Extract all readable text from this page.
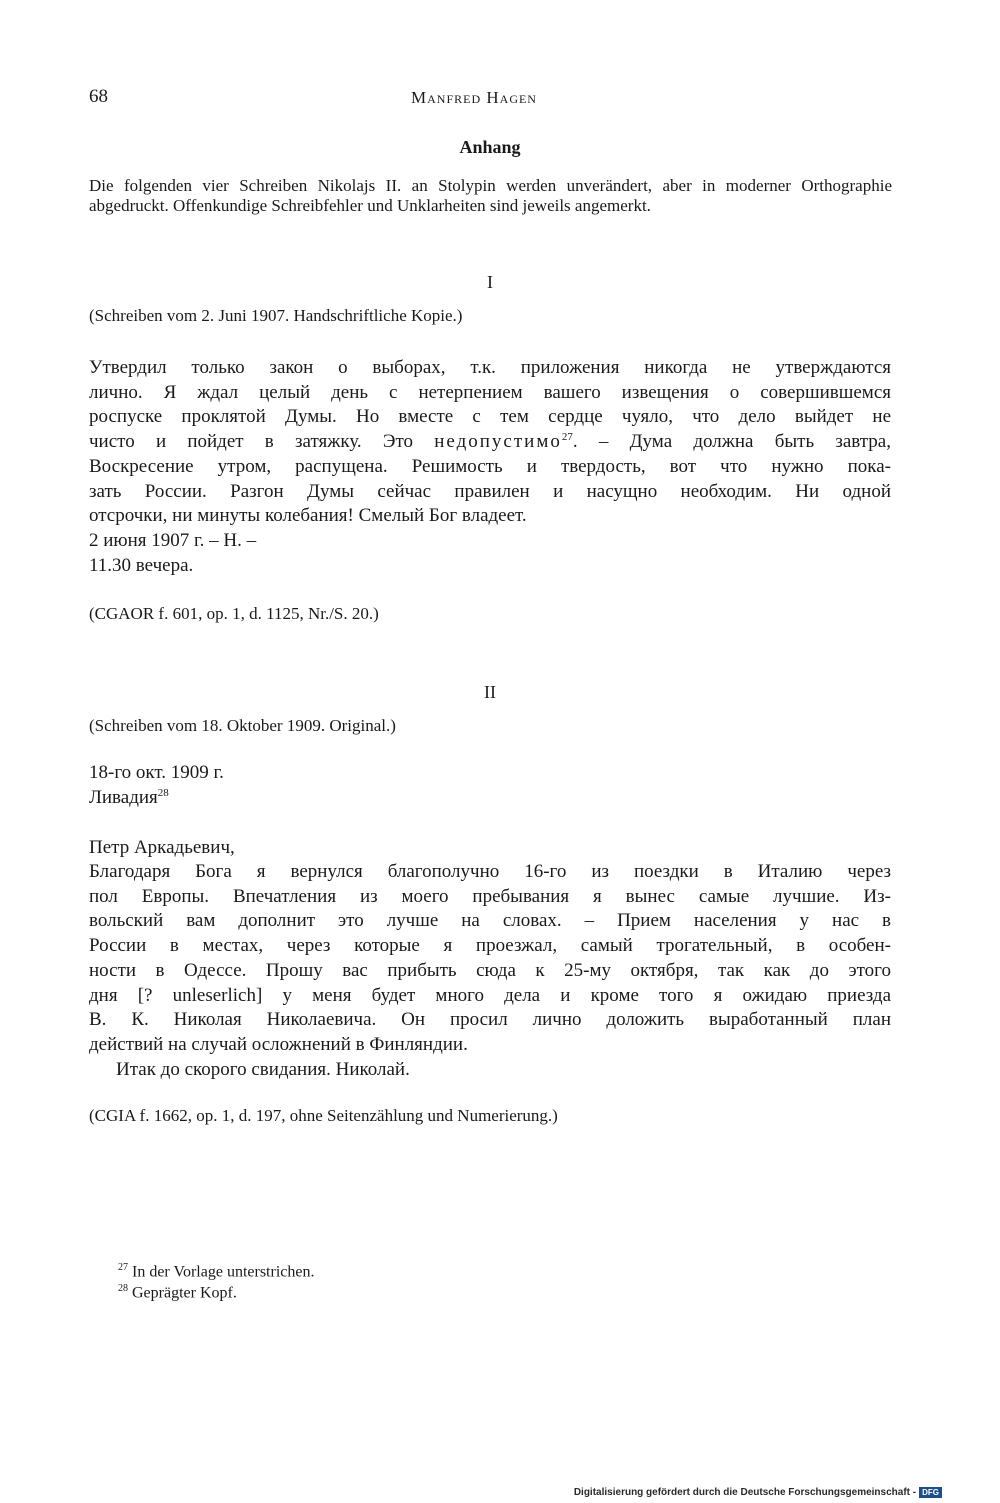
68	Manfred Hagen
Anhang
Die folgenden vier Schreiben Nikolajs II. an Stolypin werden unverändert, aber in moderner Orthographie abgedruckt. Offenkundige Schreibfehler und Unklarheiten sind jeweils angemerkt.
I
(Schreiben vom 2. Juni 1907. Handschriftliche Kopie.)
Утвердил только закон о выборах, т.к. приложения никогда не утверждаются
лично. Я ждал целый день с нетерпением вашего извещения о совершившемся
роспуске проклятой Думы. Но вместе с тем сердце чуяло, что дело выйдет не
чисто и пойдет в затяжку. Это недопустимо$^{27}$. – Дума должна быть завтра,
Воскресение утром, распущена. Решимость и твердость, вот что нужно пока-
зать России. Разгон Думы сейчас правилен и насущно необходим. Ни одной
отсрочки, ни минуты колебания! Смелый Бог владеет.
2 июня 1907 г. – Н. –
11.30 вечера.
(CGAOR f. 601, op. 1, d. 1125, Nr./S. 20.)
II
(Schreiben vom 18. Oktober 1909. Original.)
18-го окт. 1909 г.
Ливадия$^{28}$
Петр Аркадьевич,
Благодаря Бога я вернулся благополучно 16-го из поездки в Италию через
пол Европы. Впечатления из моего пребывания я вынес самые лучшие. Из-
вольский вам дополнит это лучше на словах. – Прием населения у нас в
России в местах, через которые я проезжал, самый трогательный, в особен-
ности в Одессе. Прошу вас прибыть сюда к 25-му октября, так как до этого
дня [? unleserlich] у меня будет много дела и кроме того я ожидаю приезда
В. К. Николая Николаевича. Он просил лично доложить выработанный план
действий на случай осложнений в Финляндии.
Итак до скорого свидания. Николай.
(CGIA f. 1662, op. 1, d. 197, ohne Seitenzählung und Numerierung.)
$^{27}$ In der Vorlage unterstrichen.
$^{28}$ Geprägter Kopf.
Digitalisierung gefördert durch die Deutsche Forschungsgemeinschaft - DFG
